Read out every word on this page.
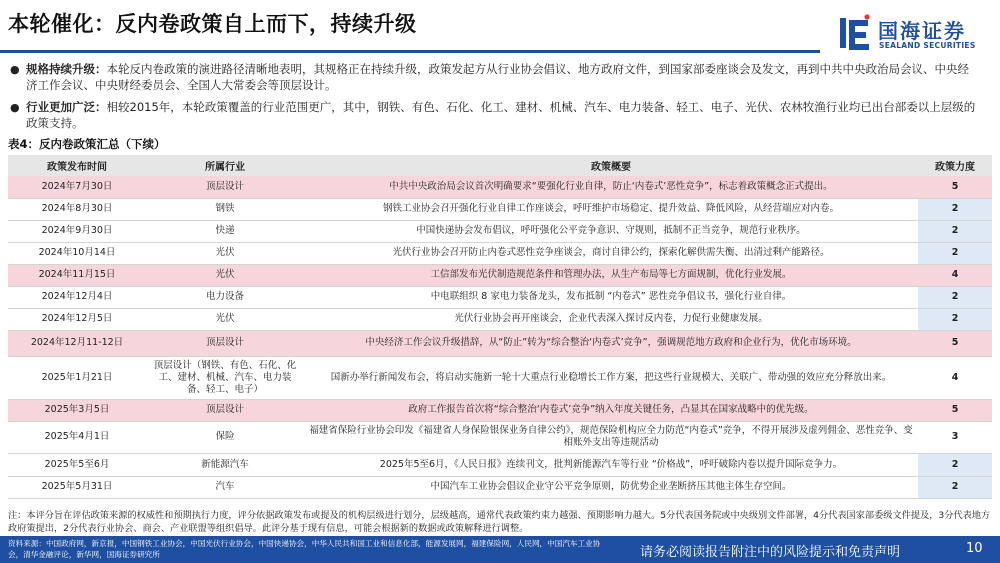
本轮催化：反内卷政策自上而下，持续升级	国海证券
SEALAND SECURITIES
● 规格持续升级：本轮反内卷政策的演进路径清晰地表明，其规格正在持续升级，政策发起方从行业协会倡议、地方政府文件，到国家部委座谈会及发文，再到中共中央政治局会议、中央经济工作会议、中央财经委员会、全国人大常委会等顶层设计。
● 行业更加广泛：相较2015年，本轮政策覆盖的行业范围更广，其中，钢铁、有色、石化、化工、建材、机械、汽车、电力装备、轻工、电子、光伏、农林牧渔行业均已出台部委以上层级的政策支持。
表4：反内卷政策汇总（下续）
政策发布时间	所属行业	政策概要	政策力度
2024年7月30日	顶层设计	中共中央政治局会议首次明确要求“要强化行业自律，防止‘内卷式’恶性竞争”，标志着政策概念正式提出。	5
2024年8月30日	钢铁	钢铁工业协会召开强化行业自律工作座谈会，呼吁维护市场稳定、提升效益、降低风险，从经营端应对内卷。	2
2024年9月30日	快递	中国快递协会发布倡议，呼吁强化公平竞争意识、守规则，抵制不正当竞争，规范行业秩序。	2
2024年10月14日	光伏	光伏行业协会召开防止内卷式恶性竞争座谈会，商讨自律公约，探索化解供需失衡、出清过剩产能路径。	2
2024年11月15日	光伏	工信部发布光伏制造规范条件和管理办法，从生产布局等七方面规制，优化行业发展。	4
2024年12月4日	电力设备	中电联组织 8 家电力装备龙头，发布抵制 “内卷式” 恶性竞争倡议书，强化行业自律。	2
2024年12月5日	光伏	光伏行业协会再开座谈会，企业代表深入探讨反内卷，力促行业健康发展。	2
2024年12月11-12日	顶层设计	中央经济工作会议升级措辞，从“防止”转为“综合整治‘内卷式’竞争”，强调规范地方政府和企业行为，优化市场环境。	5
2025年1月21日	顶层设计（钢铁、有色、石化、化工、建材、机械、汽车、电力装备、轻工、电子）	国新办举行新闻发布会，将启动实施新一轮十大重点行业稳增长工作方案，把这些行业规模大、关联广、带动强的效应充分释放出来。	4
2025年3月5日	顶层设计	政府工作报告首次将“综合整治‘内卷式’竞争”纳入年度关键任务，凸显其在国家战略中的优先级。	5
2025年4月1日	保险	福建省保险行业协会印发《福建省人身保险银保业务自律公约》，规范保险机构应全力防范“内卷式”竞争，不得开展涉及虚列佣金、恶性竞争、变相账外支出等违规活动	3
2025年5至6月	新能源汽车	2025年5至6月，《人民日报》连续刊文，批判新能源汽车等行业 “价格战”，呼吁破除内卷以提升国际竞争力。	2
2025年5月31日	汽车	中国汽车工业协会倡议企业守公平竞争原则，防优势企业垄断挤压其他主体生存空间。	2
注：本评分旨在评估政策来源的权威性和预期执行力度，评分依据政策发布或提及的机构层级进行划分，层级越高，通常代表政策约束力越强、预期影响力越大。5分代表国务院或中央级别文件部署，4分代表国家部委级文件提及，3分代表地方政府策提出，2分代表行业协会、商会、产业联盟等组织倡导。此评分基于现有信息，可能会根据新的数据或政策解释进行调整。
资料来源：中国政府网，新京报，中国钢铁工业协会，中国光伏行业协会，中国快递协会，中华人民共和国工业和信息化部，能源发展网，福建保险网，人民网，中国汽车工业协会，清华金融评论，新华网，国海证券研究所	请务必阅读报告附注中的风险提示和免责声明	10
